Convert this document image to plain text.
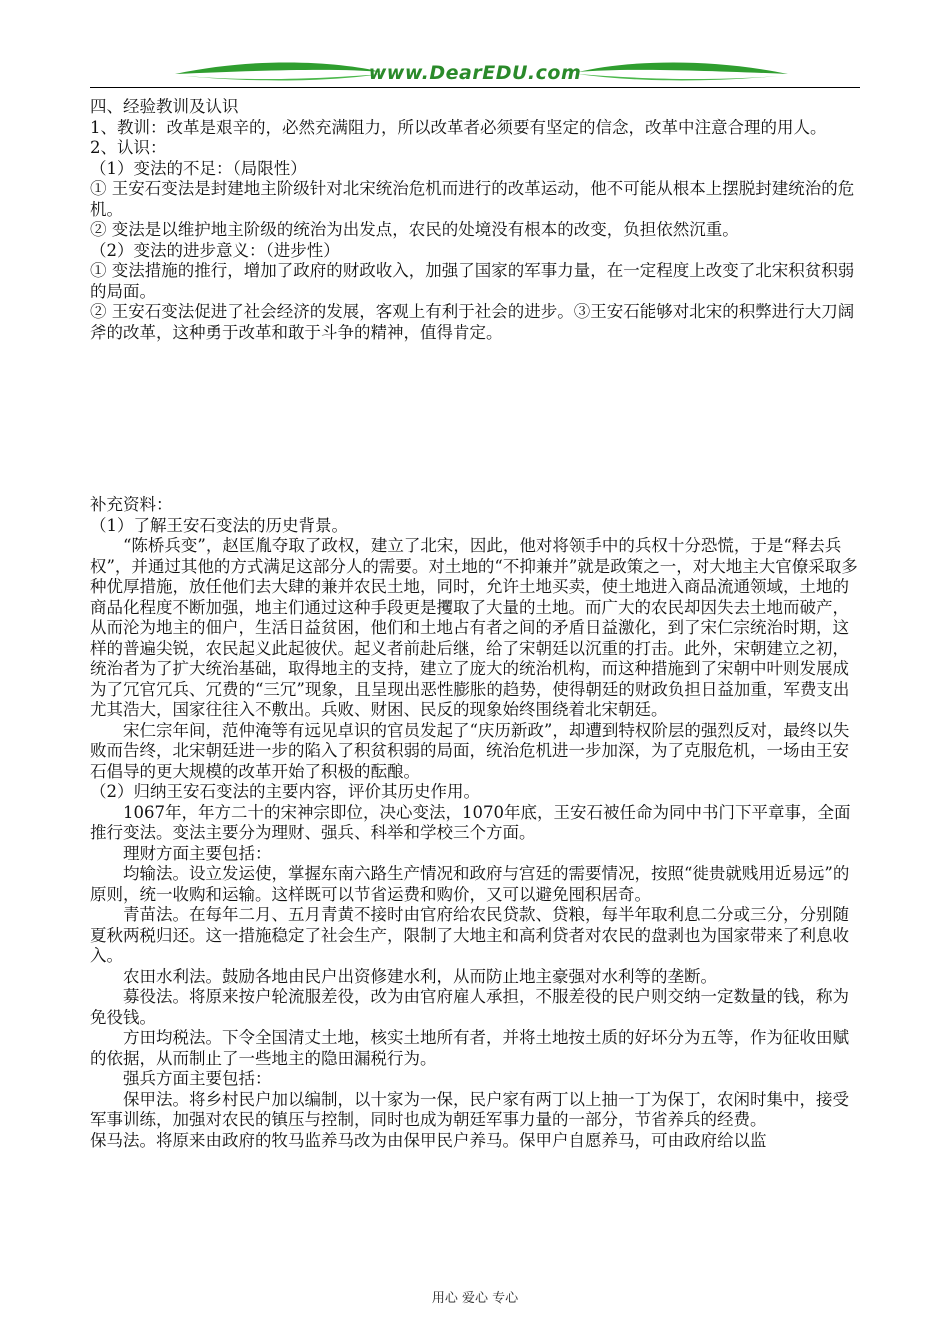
www.DearEDU.com

四、经验教训及认识

1、教训：改革是艰辛的，必然充满阻力，所以改革者必须要有坚定的信念，改革中注意合理的用人。

2、认识：

（1）变法的不足：（局限性）

① 王安石变法是封建地主阶级针对北宋统治危机而进行的改革运动，他不可能从根本上摆脱封建统治的危机。

② 变法是以维护地主阶级的统治为出发点，农民的处境没有根本的改变，负担依然沉重。

（2）变法的进步意义：（进步性）

① 变法措施的推行，增加了政府的财政收入，加强了国家的军事力量，在一定程度上改变了北宋积贫积弱的局面。

② 王安石变法促进了社会经济的发展，客观上有利于社会的进步。③王安石能够对北宋的积弊进行大刀阔斧的改革，这种勇于改革和敢于斗争的精神，值得肯定。

补充资料：

（1）了解王安石变法的历史背景。

“陈桥兵变”，赵匡胤夺取了政权，建立了北宋，因此，他对将领手中的兵权十分恐慌，于是“释去兵权”，并通过其他的方式满足这部分人的需要。对土地的“不抑兼并”就是政策之一，对大地主大官僚采取多种优厚措施，放任他们去大肆的兼并农民土地，同时，允许土地买卖，使土地进入商品流通领域，土地的商品化程度不断加强，地主们通过这种手段更是攫取了大量的土地。而广大的农民却因失去土地而破产，从而沦为地主的佃户，生活日益贫困，他们和土地占有者之间的矛盾日益激化，到了宋仁宗统治时期，这样的普遍尖锐，农民起义此起彼伏。起义者前赴后继，给了宋朝廷以沉重的打击。此外，宋朝建立之初，统治者为了扩大统治基础，取得地主的支持，建立了庞大的统治机构，而这种措施到了宋朝中叶则发展成为了冗官冗兵、冗费的“三冗”现象，且呈现出恶性膨胀的趋势，使得朝廷的财政负担日益加重，军费支出尤其浩大，国家往往入不敷出。兵败、财困、民反的现象始终围绕着北宋朝廷。

宋仁宗年间，范仲淹等有远见卓识的官员发起了“庆历新政”，却遭到特权阶层的强烈反对，最终以失败而告终，北宋朝廷进一步的陷入了积贫积弱的局面，统治危机进一步加深，为了克服危机，一场由王安石倡导的更大规模的改革开始了积极的酝酿。

（2）归纳王安石变法的主要内容，评价其历史作用。

1067年，年方二十的宋神宗即位，决心变法，1070年底，王安石被任命为同中书门下平章事，全面推行变法。变法主要分为理财、强兵、科举和学校三个方面。

理财方面主要包括：

均输法。设立发运使，掌握东南六路生产情况和政府与宫廷的需要情况，按照“徙贵就贱用近易远”的原则，统一收购和运输。这样既可以节省运费和购价，又可以避免囤积居奇。

青苗法。在每年二月、五月青黄不接时由官府给农民贷款、贷粮，每半年取利息二分或三分，分别随夏秋两税归还。这一措施稳定了社会生产，限制了大地主和高利贷者对农民的盘剥也为国家带来了利息收入。

农田水利法。鼓励各地由民户出资修建水利，从而防止地主豪强对水利等的垄断。

募役法。将原来按户轮流服差役，改为由官府雇人承担，不服差役的民户则交纳一定数量的钱，称为免役钱。

方田均税法。下令全国清丈土地，核实土地所有者，并将土地按土质的好坏分为五等，作为征收田赋的依据，从而制止了一些地主的隐田漏税行为。

强兵方面主要包括：

保甲法。将乡村民户加以编制，以十家为一保，民户家有两丁以上抽一丁为保丁，农闲时集中，接受军事训练，加强对农民的镇压与控制，同时也成为朝廷军事力量的一部分，节省养兵的经费。

保马法。将原来由政府的牧马监养马改为由保甲民户养马。保甲户自愿养马，可由政府给以监

用心 爱心 专心
